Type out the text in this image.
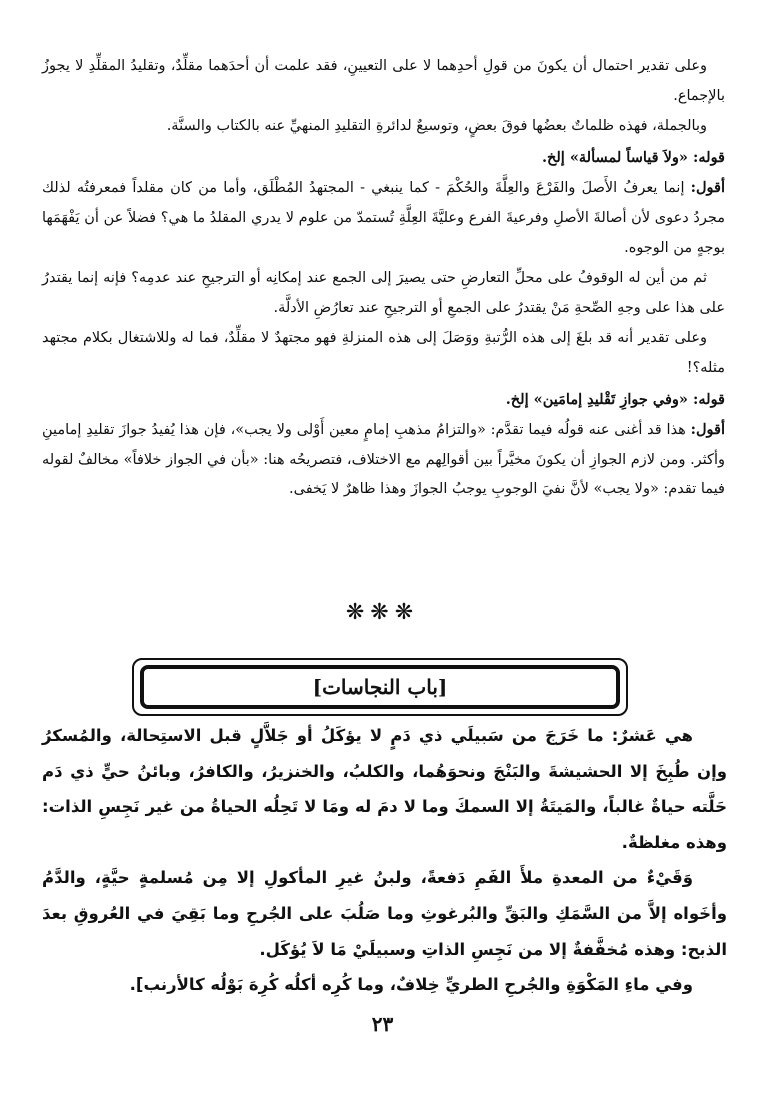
وعلى تقدير احتمال أن يكونَ من قولِ أحدِهما لا على التعيينِ، فقد علمت أن أحدَهما مقلِّدٌ، وتقليدُ المقلِّدِ لا يجوزُ بالإجماع.

وبالجملة، فهذه ظلماتٌ بعضُها فوقَ بعضٍ، وتوسيعٌ لدائرةِ التقليدِ المنهيِّ عنه بالكتاب والسنَّة.

قوله: «ولاَ قياساً لمسألة» إلخ.

أقول: إنما يعرفُ الأَصلَ والفَرْعَ والعِلَّةَ والحُكْمَ - كما ينبغي - المجتهدُ المُطْلَق، وأما من كان مقلداً فمعرفتُه لذلك مجردُ دعوى لأن أصالةَ الأصلِ وفرعيةَ الفرع وعليَّةَ العِلَّةِ تُستمدّ من علوم لا يدري المقلدُ ما هي؟ فضلاً عن أن يَفْهَمَها بوجهٍ من الوجوه.

ثم من أين له الوقوفُ على محلِّ التعارضِ حتى يصيرَ إلى الجمع عند إمكانِه أو الترجيحِ عند عدمِه؟ فإنه إنما يقتدرُ على هذا على وجهِ الصِّحةِ مَنْ يقتدرُ على الجمعِ أو الترجيحِ عند تعارُضِ الأدلَّة.

وعلى تقدير أنه قد بلغَ إلى هذه الرُّتبةِ ووَصَلَ إلى هذه المنزلةِ فهو مجتهدٌ لا مقلِّدٌ، فما له وللاشتغال بكلام مجتهد مثله؟!

قوله: «وفي جوازِ تَقْليدِ إمامَين» إلخ.

أقول: هذا قد أغنى عنه قولُه فيما تقدَّم: «والتزامُ مذهبِ إمامٍ معين أَوْلى ولا يجب»، فإن هذا يُفيدُ جوازَ تقليدِ إمامينِ وأكثر. ومن لازم الجوازِ أن يكونَ مخيَّراً بين أقوالِهم مع الاختلاف، فتصريحُه هنا: «بأن في الجواز خلافاً» مخالفٌ لقوله فيما تقدم: «ولا يجب» لأنَّ نفيَ الوجوبِ يوجبُ الجوازَ وهذا ظاهرٌ لا يَخفى.

❋❋❋
[باب النجاسات]

هي عَشرٌ: ما خَرَجَ من سَبيلَي ذي دَمٍ لا يؤكَلُ أو جَلاَّلٍ قبل الاستِحالة، والمُسكرُ وإن طُبِخَ إلا الحشيشةَ والبَنْجَ ونحوَهُما، والكلبُ، والخنزيرُ، والكافرُ، وبائنُ حيٍّ ذي دَم حَلَّته حياةٌ غالباً، والمَيتَةُ إلا السمكَ وما لا دمَ له ومَا لا تَحِلُه الحياةُ من غير نَجِسِ الذات: وهذه مغلظةٌ.

وَقَيْءٌ من المعدةِ ملأَ الفَمِ دَفعةً، ولبنُ غيرِ المأكولِ إلا مِن مُسلمةٍ حيَّةٍ، والدَّمُ وأخَواه إلاَّ من السَّمَكِ والبَقِّ والبُرغوثِ وما صَلُبَ على الجُرحِ وما بَقِيَ في العُروقِ بعدَ الذبح: وهذه مُخفَّفةٌ إلا من نَجِسِ الذاتِ وسبيلَيْ مَا لاَ يُؤكَل.

وفي ماءِ المَكْوَةِ والجُرحِ الطريِّ خِلافٌ، وما كُرِه أكلُه كُرِهَ بَوْلُه كالأرنب].

٢٣
